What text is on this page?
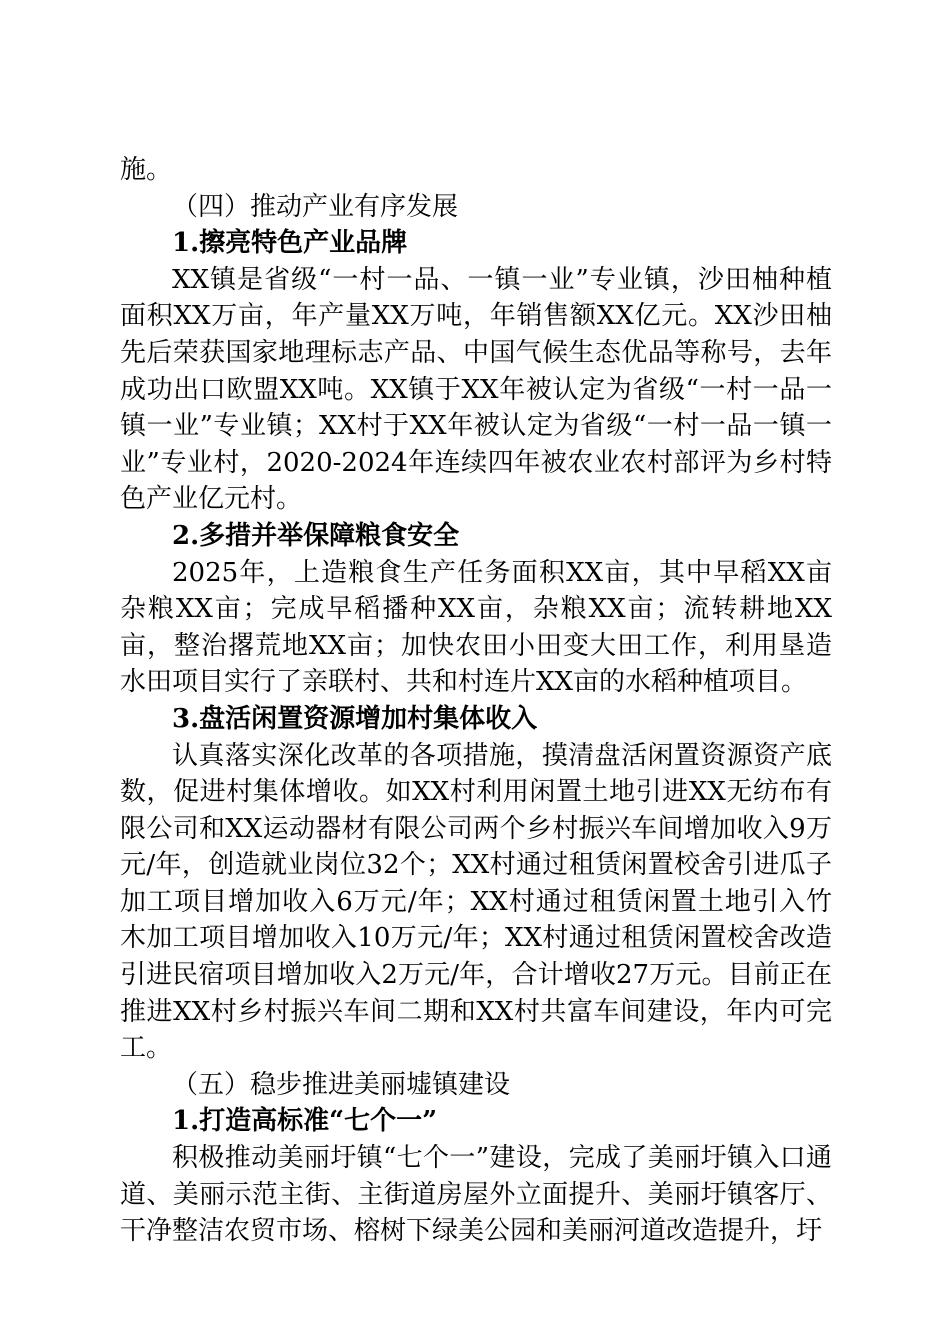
施。

（四）推动产业有序发展

1.擦亮特色产业品牌

XX镇是省级“一村一品、一镇一业”专业镇，沙田柚种植面积XX万亩，年产量XX万吨，年销售额XX亿元。XX沙田柚先后荣获国家地理标志产品、中国气候生态优品等称号，去年成功出口欧盟XX吨。XX镇于XX年被认定为省级“一村一品一镇一业”专业镇；XX村于XX年被认定为省级“一村一品一镇一业”专业村，2020-2024年连续四年被农业农村部评为乡村特色产业亿元村。

2.多措并举保障粮食安全

2025年，上造粮食生产任务面积XX亩，其中早稻XX亩杂粮XX亩；完成早稻播种XX亩，杂粮XX亩；流转耕地XX亩，整治撂荒地XX亩；加快农田小田变大田工作，利用垦造水田项目实行了亲联村、共和村连片XX亩的水稻种植项目。

3.盘活闲置资源增加村集体收入

认真落实深化改革的各项措施，摸清盘活闲置资源资产底数，促进村集体增收。如XX村利用闲置土地引进XX无纺布有限公司和XX运动器材有限公司两个乡村振兴车间增加收入9万元/年，创造就业岗位32个；XX村通过租赁闲置校舍引进瓜子加工项目增加收入6万元/年；XX村通过租赁闲置土地引入竹木加工项目增加收入10万元/年；XX村通过租赁闲置校舍改造引进民宿项目增加收入2万元/年，合计增收27万元。目前正在推进XX村乡村振兴车间二期和XX村共富车间建设，年内可完工。

（五）稳步推进美丽墟镇建设

1.打造高标准“七个一”

积极推动美丽圩镇“七个一”建设，完成了美丽圩镇入口通道、美丽示范主街、主街道房屋外立面提升、美丽圩镇客厅、干净整洁农贸市场、榕树下绿美公园和美丽河道改造提升，圩
